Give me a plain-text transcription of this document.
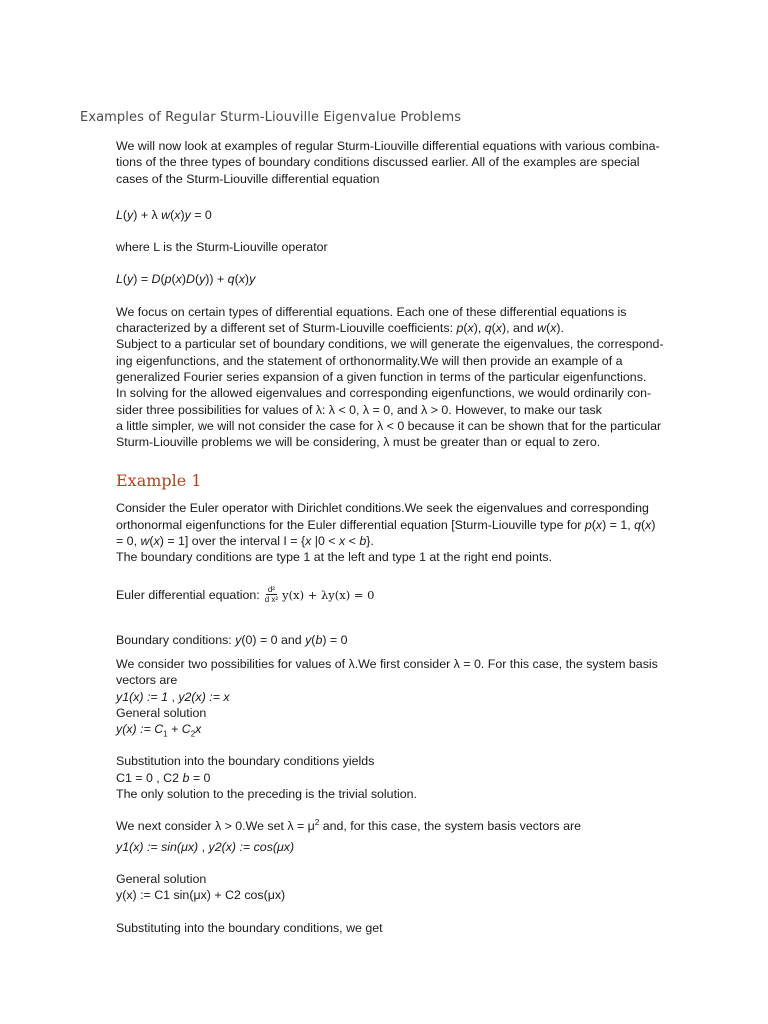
Examples of Regular Sturm-Liouville Eigenvalue Problems
We will now look at examples of regular Sturm-Liouville differential equations with various combina-
tions of the three types of boundary conditions discussed earlier. All of the examples are special
cases of the Sturm-Liouville differential equation
L(y) + λ w(x)y = 0
where L is the Sturm-Liouville operator
L(y) = D(p(x)D(y)) + q(x)y
We focus on certain types of differential equations. Each one of these differential equations is
characterized by a different set of Sturm-Liouville coefficients: p(x), q(x), and w(x).
Subject to a particular set of boundary conditions, we will generate the eigenvalues, the correspond-
ing eigenfunctions, and the statement of orthonormality.We will then provide an example of a
generalized Fourier series expansion of a given function in terms of the particular eigenfunctions.
In solving for the allowed eigenvalues and corresponding eigenfunctions, we would ordinarily con-
sider three possibilities for values of λ: λ < 0, λ = 0, and λ > 0. However, to make our task
a little simpler, we will not consider the case for λ < 0 because it can be shown that for the particular
Sturm-Liouville problems we will be considering, λ must be greater than or equal to zero.
Example 1
Consider the Euler operator with Dirichlet conditions.We seek the eigenvalues and corresponding
orthonormal eigenfunctions for the Euler differential equation [Sturm-Liouville type for p(x) = 1, q(x)
= 0, w(x) = 1] over the interval I = {x |0 < x < b}.
The boundary conditions are type 1 at the left and type 1 at the right end points.
Euler differential equation: $\frac{\text{d²}}{\text{d x²}} y(x) + \lambda y(x) = 0$
Boundary conditions: y(0) = 0 and y(b) = 0
We consider two possibilities for values of λ.We first consider λ = 0. For this case, the system basis
vectors are
y1(x) := 1 , y2(x) := x
General solution
y(x) := $C_1 + C_2x$
Substitution into the boundary conditions yields
C1 = 0 , C2 b = 0
The only solution to the preceding is the trivial solution.
We next consider λ > 0.We set $\lambda = \mu^2$ and, for this case, the system basis vectors are
y1(x) := sin(μx) , y2(x) := cos(μx)
General solution
y(x) := C1 sin(μx) + C2 cos(μx)
Substituting into the boundary conditions, we get
